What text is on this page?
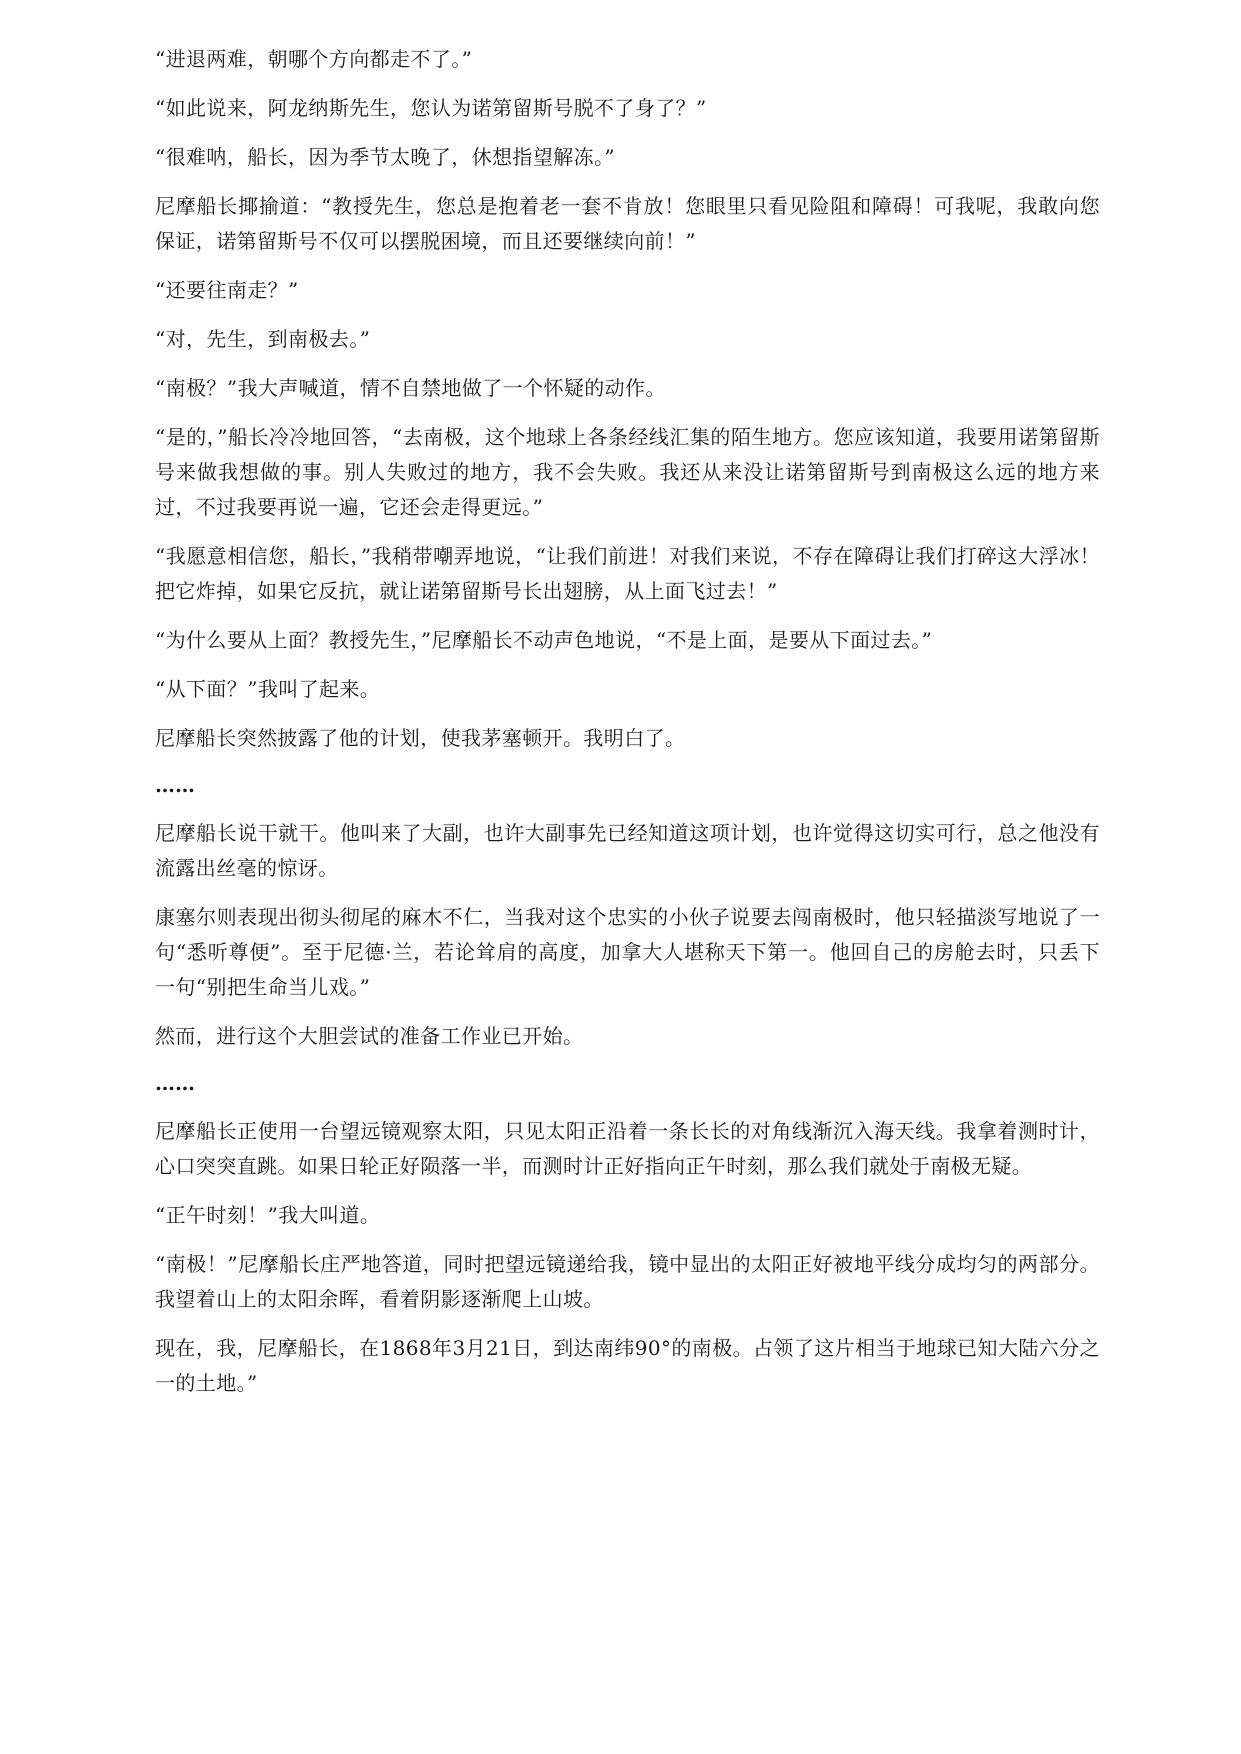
“进退两难，朝哪个方向都走不了。”

“如此说来，阿龙纳斯先生，您认为诺第留斯号脱不了身了？”

“很难呐，船长，因为季节太晚了，休想指望解冻。”

尼摩船长揶揄道：“教授先生，您总是抱着老一套不肯放！您眼里只看见险阻和障碍！可我呢，我敢向您保证，诺第留斯号不仅可以摆脱困境，而且还要继续向前！”

“还要往南走？”

“对，先生，到南极去。”

“南极？”我大声喊道，情不自禁地做了一个怀疑的动作。

“是的，”船长冷冷地回答，“去南极，这个地球上各条经线汇集的陌生地方。您应该知道，我要用诺第留斯号来做我想做的事。别人失败过的地方，我不会失败。我还从来没让诺第留斯号到南极这么远的地方来过，不过我要再说一遍，它还会走得更远。”

“我愿意相信您，船长，”我稍带嘲弄地说，“让我们前进！对我们来说，不存在障碍让我们打碎这大浮冰！把它炸掉，如果它反抗，就让诺第留斯号长出翅膀，从上面飞过去！”

“为什么要从上面？教授先生，”尼摩船长不动声色地说，“不是上面，是要从下面过去。”

“从下面？”我叫了起来。

尼摩船长突然披露了他的计划，使我茅塞顿开。我明白了。

……

尼摩船长说干就干。他叫来了大副，也许大副事先已经知道这项计划，也许觉得这切实可行，总之他没有流露出丝毫的惊讶。

康塞尔则表现出彻头彻尾的麻木不仁，当我对这个忠实的小伙子说要去闯南极时，他只轻描淡写地说了一句“悉听尊便”。至于尼德·兰，若论耸肩的高度，加拿大人堪称天下第一。他回自己的房舱去时，只丢下一句“别把生命当儿戏。”

然而，进行这个大胆尝试的准备工作业已开始。

……

尼摩船长正使用一台望远镜观察太阳，只见太阳正沿着一条长长的对角线渐沉入海天线。我拿着测时计，心口突突直跳。如果日轮正好陨落一半，而测时计正好指向正午时刻，那么我们就处于南极无疑。

“正午时刻！”我大叫道。

“南极！”尼摩船长庄严地答道，同时把望远镜递给我，镜中显出的太阳正好被地平线分成均匀的两部分。我望着山上的太阳余晖，看着阴影逐渐爬上山坡。

现在，我，尼摩船长，在1868年3月21日，到达南纬90°的南极。占领了这片相当于地球已知大陆六分之一的土地。”
